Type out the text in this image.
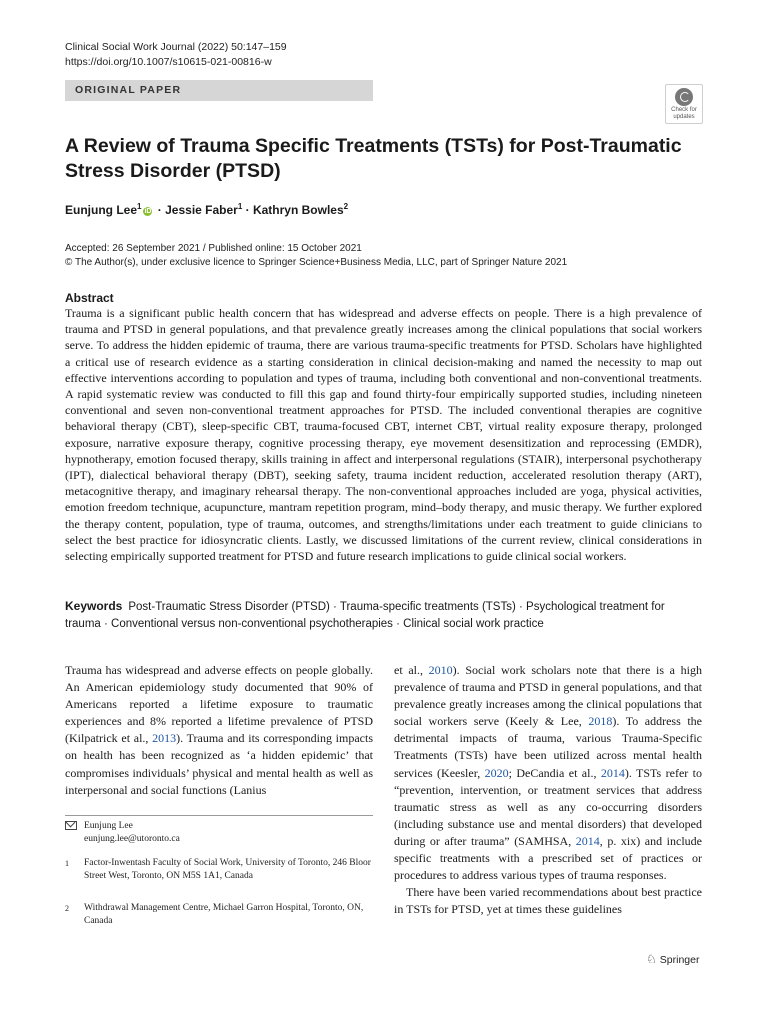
Clinical Social Work Journal (2022) 50:147–159
https://doi.org/10.1007/s10615-021-00816-w
ORIGINAL PAPER
Check for
updates
A Review of Trauma Specific Treatments (TSTs) for Post-Traumatic Stress Disorder (PTSD)
Eunjung Lee$^1$iD · Jessie Faber$^1$ · Kathryn Bowles$^2$
Accepted: 26 September 2021 / Published online: 15 October 2021
© The Author(s), under exclusive licence to Springer Science+Business Media, LLC, part of Springer Nature 2021
Abstract

Trauma is a significant public health concern that has widespread and adverse effects on people. There is a high prevalence of trauma and PTSD in general populations, and that prevalence greatly increases among the clinical populations that social workers serve. To address the hidden epidemic of trauma, there are various trauma-specific treatments for PTSD. Scholars have highlighted a critical use of research evidence as a starting consideration in clinical decision-making and named the necessity to map out effective interventions according to population and types of trauma, including both conventional and non-conventional treatments. A rapid systematic review was conducted to fill this gap and found thirty-four empirically supported studies, including nineteen conventional and seven non-conventional treatment approaches for PTSD. The included conventional therapies are cognitive behavioral therapy (CBT), sleep-specific CBT, trauma-focused CBT, internet CBT, virtual reality exposure therapy, prolonged exposure, narrative exposure therapy, cognitive processing therapy, eye movement desensitization and reprocessing (EMDR), hypnotherapy, emotion focused therapy, skills training in affect and interpersonal regulations (STAIR), interpersonal psychotherapy (IPT), dialectical behavioral therapy (DBT), seeking safety, trauma incident reduction, accelerated resolution therapy (ART), metacognitive therapy, and imaginary rehearsal therapy. The non-conventional approaches included are yoga, physical activities, emotion freedom technique, acupuncture, mantram repetition program, mind–body therapy, and music therapy. We further explored the therapy content, population, type of trauma, outcomes, and strengths/limitations under each treatment to guide clinicians to select the best practice for idiosyncratic clients. Lastly, we discussed limitations of the current review, clinical considerations in selecting empirically supported treatment for PTSD and future research implications to guide clinical social workers.

Keywords Post-Traumatic Stress Disorder (PTSD) · Trauma-specific treatments (TSTs) · Psychological treatment for trauma · Conventional versus non-conventional psychotherapies · Clinical social work practice

Trauma has widespread and adverse effects on people globally. An American epidemiology study documented that 90% of Americans reported a lifetime exposure to traumatic experiences and 8% reported a lifetime prevalence of PTSD (Kilpatrick et al., 2013). Trauma and its corresponding impacts on health has been recognized as ‘a hidden epidemic’ that compromises individuals’ physical and mental health as well as interpersonal and social functions (Lanius

et al., 2010). Social work scholars note that there is a high prevalence of trauma and PTSD in general populations, and that prevalence greatly increases among the clinical populations that social workers serve (Keely & Lee, 2018). To address the detrimental impacts of trauma, various Trauma-Specific Treatments (TSTs) have been utilized across mental health services (Keesler, 2020; DeCandia et al., 2014). TSTs refer to “prevention, intervention, or treatment services that address traumatic stress as well as any co-occurring disorders (including substance use and mental disorders) that developed during or after trauma” (SAMHSA, 2014, p. xix) and include specific treatments with a prescribed set of practices or procedures to address various types of trauma responses.

There have been varied recommendations about best practice in TSTs for PTSD, yet at times these guidelines

Eunjung Lee
eunjung.lee@utoronto.ca
1 Factor-Inwentash Faculty of Social Work, University of Toronto, 246 Bloor Street West, Toronto, ON M5S 1A1, Canada
2 Withdrawal Management Centre, Michael Garron Hospital, Toronto, ON, Canada
♘ Springer
